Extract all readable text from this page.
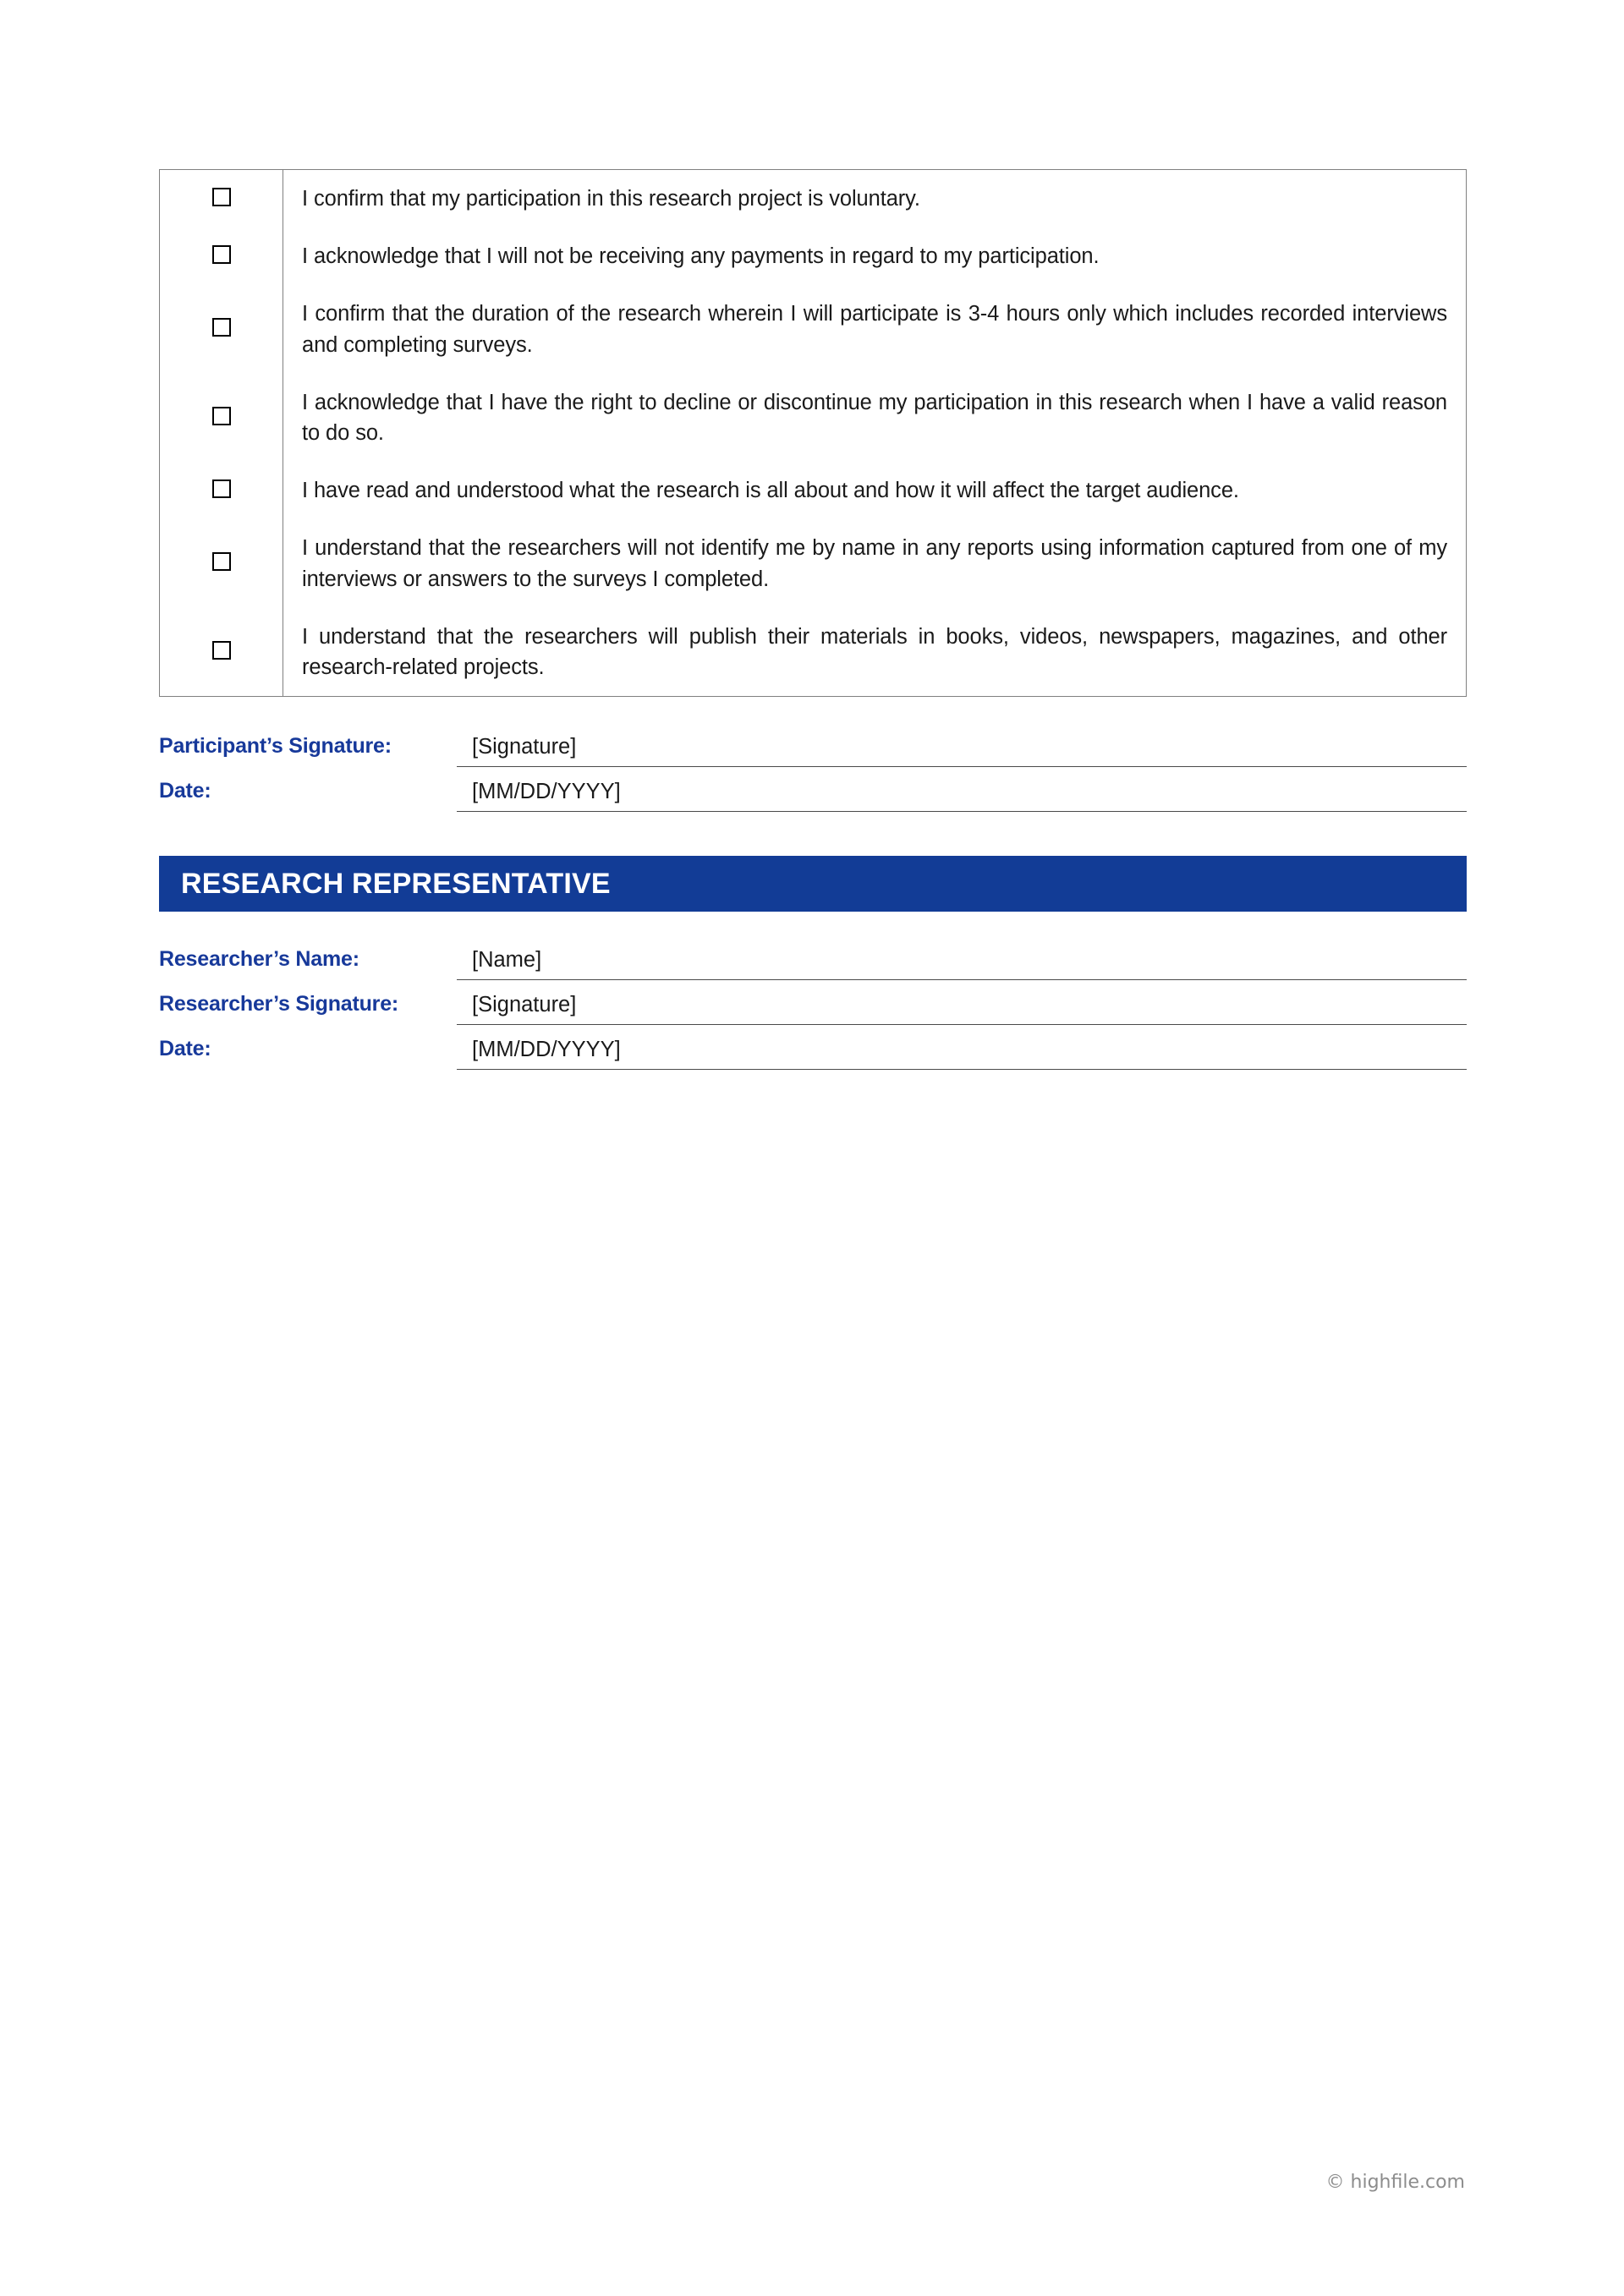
	I confirm that my participation in this research project is voluntary.

	I acknowledge that I will not be receiving any payments in regard to my participation.

	I confirm that the duration of the research wherein I will participate is 3-4 hours only which includes recorded interviews and completing surveys.

	I acknowledge that I have the right to decline or discontinue my participation in this research when I have a valid reason to do so.

	I have read and understood what the research is all about and how it will affect the target audience.

	I understand that the researchers will not identify me by name in any reports using information captured from one of my interviews or answers to the surveys I completed.

	I understand that the researchers will publish their materials in books, videos, newspapers, magazines, and other research-related projects.
Participant’s Signature:	[Signature]
Date:	[MM/DD/YYYY]
RESEARCH REPRESENTATIVE
Researcher’s Name:	[Name]
Researcher’s Signature:	[Signature]
Date:	[MM/DD/YYYY]
© highfile.com
